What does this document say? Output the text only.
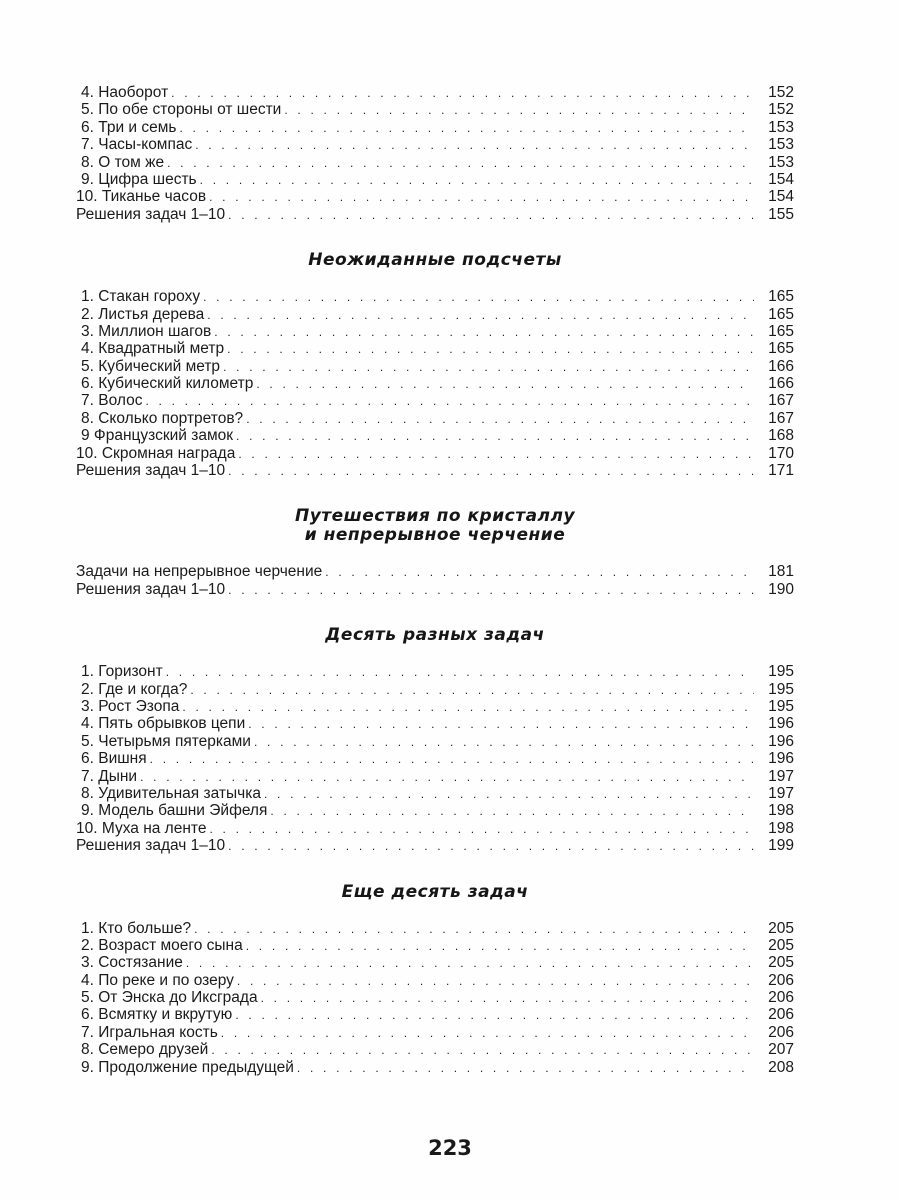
4. Наоборот . . .	152
5. По обе стороны от шести . . .	152
6. Три и семь . . .	153
7. Часы-компас . . .	153
8. О том же . . .	153
9. Цифра шесть . . .	154
10. Тиканье часов . . .	154
Решения задач 1–10 . . .	155
Неожиданные подсчеты
1. Стакан гороху . . .	165
2. Листья дерева . . .	165
3. Миллион шагов . . .	165
4. Квадратный метр . . .	165
5. Кубический метр . . .	166
6. Кубический километр . . .	166
7. Волос . . .	167
8. Сколько портретов? . . .	167
9 Французский замок . . .	168
10. Скромная награда . . .	170
Решения задач 1–10 . . .	171
Путешествия по кристаллу
и непрерывное черчение
Задачи на непрерывное черчение . . .	181
Решения задач 1–10 . . .	190
Десять разных задач
1. Горизонт . . .	195
2. Где и когда? . . .	195
3. Рост Эзопа . . .	195
4. Пять обрывков цепи . . .	196
5. Четырьмя пятерками . . .	196
6. Вишня . . .	196
7. Дыни . . .	197
8. Удивительная затычка . . .	197
9. Модель башни Эйфеля . . .	198
10. Муха на ленте . . .	198
Решения задач 1–10 . . .	199
Еще десять задач
1. Кто больше? . . .	205
2. Возраст моего сына . . .	205
3. Состязание . . .	205
4. По реке и по озеру . . .	206
5. От Энска до Иксграда . . .	206
6. Всмятку и вкрутую . . .	206
7. Игральная кость . . .	206
8. Семеро друзей . . .	207
9. Продолжение предыдущей . . .	208
223
